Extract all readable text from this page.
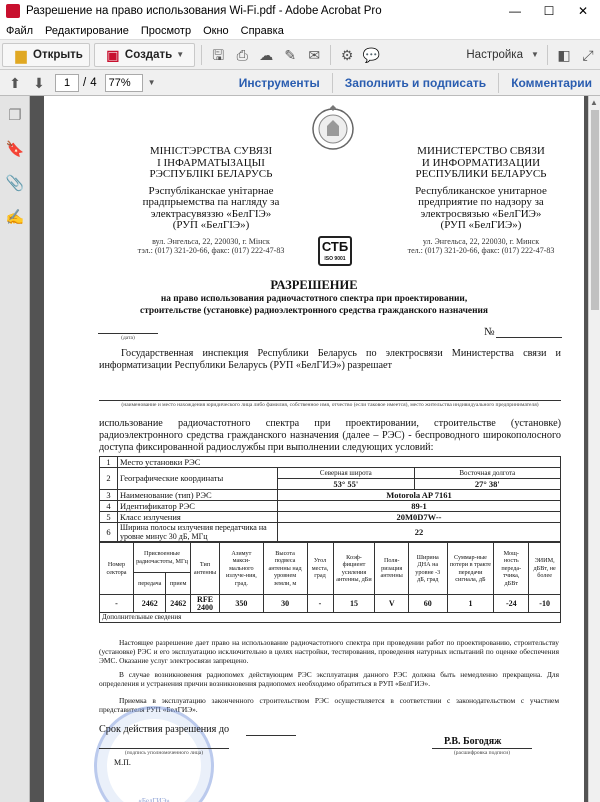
Разрешение на право использования Wi-Fi.pdf - Adobe Acrobat Pro	—	☐	✕
Файл	Редактирование	Просмотр	Окно	Справка
▆ Открыть ▣ Создать ▼ 🖫 ⎙ ☁ ✎ ✉ ⚙ 💬	Настройка ▼ ◧ ⤢
⬆ ⬇	1	/ 4	77%	▼	Инструменты	Заполнить и подписать	Комментарии
❐
🔖
📎
✍
▲
МІНІСТЭРСТВА СУВЯЗІ
І ІНФАРМАТЫЗАЦЫІ
РЭСПУБЛІКІ БЕЛАРУСЬ
Рэспубліканскае унітарнае
прадпрыемства па нагляду за
электрасувяззю «БелГІЭ»
(РУП «БелГІЭ»)
вул. Энгельса, 22, 220030, г. Мінск
тэл.: (017) 321-20-66, факс: (017) 222-47-83
МИНИСТЕРСТВО СВЯЗИ
И ИНФОРМАТИЗАЦИИ
РЕСПУБЛИКИ БЕЛАРУСЬ
Республиканское унитарное
предприятие по надзору за
электросвязью «БелГИЭ»
(РУП «БелГИЭ»)
ул. Энгельса, 22, 220030, г. Минск
тел.: (017) 321-20-66, факс: (017) 222-47-83
СТБ
ISO 9001
РАЗРЕШЕНИЕ
на право использования радиочастотного спектра при проектировании,
строительстве (установке) радиоэлектронного средства гражданского назначения
(дата)	№
Государственная инспекция Республики Беларусь по электросвязи Министерства связи и информатизации Республики Беларусь (РУП «БелГИЭ») разрешает
(наименование и место нахождения юридического лица либо фамилия, собственное имя, отчество (если таковое имеется), место жительства индивидуального предпринимателя)
использование радиочастотного спектра при проектировании, строительстве (установке) радиоэлектронного средства гражданского назначения (далее – РЭС) - беспроводного широкополосного доступа фиксированной радиослужбы при выполнении следующих условий:
1	Место установки РЭС		
2	Географические координаты	Северная широта	Восточная долгота
		53° 55'	27° 38'
3	Наименование (тип) РЭС	Motorola AP 7161	
4	Идентификатор РЭС	89-1	
5	Класс излучения	20M0D7W--	
6	Ширина полосы излучения передатчика на уровне минус 30 дБ, МГц	22	
Номер сектора	Присвоенные радиочастоты, МГц		Тип антенны	Азимут макси-мального излуче-ния, град.	Высота подвеса антенны над уровнем земли, м	Угол места, град	Коэф-фициент усиления антенны, дБи	Поля-ризация антенны	Ширина ДНА на уровне -3 дБ, град	Суммар-ные потери в тракте передачи сигнала, дБ	Мощ-ность переда-тчика, дБВт	ЭИИМ, дБВт, не более
	передача	прием										
-	2462	2462	RFE 2400	350	30	-	15	V	60	1	-24	-10
Дополнительные сведения												
Настоящее разрешение дает право на использование радиочастотного спектра при проведении работ по проектированию, строительству (установке) РЭС и его эксплуатацию исключительно в целях настройки, тестирования, проведения натурных испытаний по оценке обеспечения ЭМС. Оказание услуг электросвязи запрещено.
В случае возникновения радиопомех действующим РЭС эксплуатация данного РЭС должна быть немедленно прекращена. Для определения и устранения причин возникновения радиопомех необходимо обратиться в РУП «БелГИЭ».
Приемка в эксплуатацию законченного строительством РЭС осуществляется в соответствии с законодательством с участием представителя РУП «БелГИЭ».
«БелГИЭ»
Срок действия разрешения до
(подпись уполномоченного лица)
М.П.
Р.В. Богодяж
(расшифровка подписи)
